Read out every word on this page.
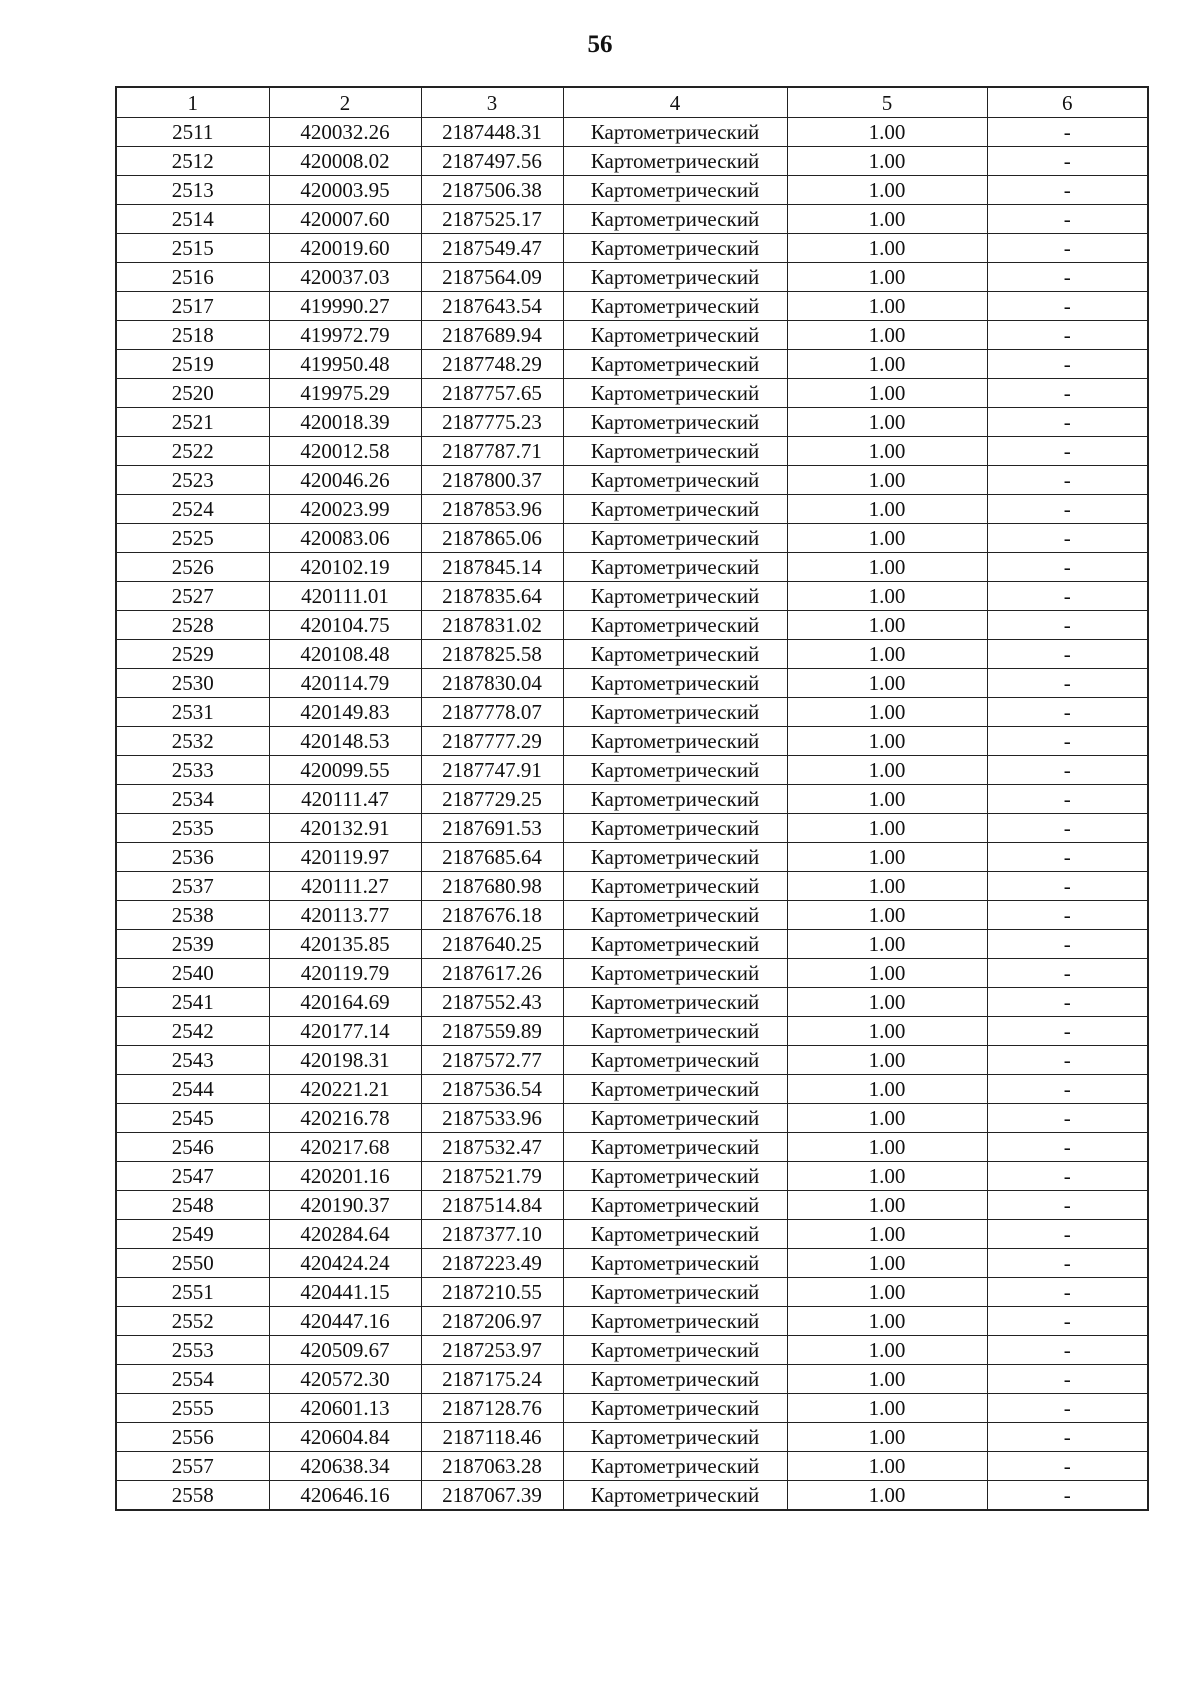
56
1	2	3	4	5	6
2511	420032.26	2187448.31	Картометрический	1.00	-
2512	420008.02	2187497.56	Картометрический	1.00	-
2513	420003.95	2187506.38	Картометрический	1.00	-
2514	420007.60	2187525.17	Картометрический	1.00	-
2515	420019.60	2187549.47	Картометрический	1.00	-
2516	420037.03	2187564.09	Картометрический	1.00	-
2517	419990.27	2187643.54	Картометрический	1.00	-
2518	419972.79	2187689.94	Картометрический	1.00	-
2519	419950.48	2187748.29	Картометрический	1.00	-
2520	419975.29	2187757.65	Картометрический	1.00	-
2521	420018.39	2187775.23	Картометрический	1.00	-
2522	420012.58	2187787.71	Картометрический	1.00	-
2523	420046.26	2187800.37	Картометрический	1.00	-
2524	420023.99	2187853.96	Картометрический	1.00	-
2525	420083.06	2187865.06	Картометрический	1.00	-
2526	420102.19	2187845.14	Картометрический	1.00	-
2527	420111.01	2187835.64	Картометрический	1.00	-
2528	420104.75	2187831.02	Картометрический	1.00	-
2529	420108.48	2187825.58	Картометрический	1.00	-
2530	420114.79	2187830.04	Картометрический	1.00	-
2531	420149.83	2187778.07	Картометрический	1.00	-
2532	420148.53	2187777.29	Картометрический	1.00	-
2533	420099.55	2187747.91	Картометрический	1.00	-
2534	420111.47	2187729.25	Картометрический	1.00	-
2535	420132.91	2187691.53	Картометрический	1.00	-
2536	420119.97	2187685.64	Картометрический	1.00	-
2537	420111.27	2187680.98	Картометрический	1.00	-
2538	420113.77	2187676.18	Картометрический	1.00	-
2539	420135.85	2187640.25	Картометрический	1.00	-
2540	420119.79	2187617.26	Картометрический	1.00	-
2541	420164.69	2187552.43	Картометрический	1.00	-
2542	420177.14	2187559.89	Картометрический	1.00	-
2543	420198.31	2187572.77	Картометрический	1.00	-
2544	420221.21	2187536.54	Картометрический	1.00	-
2545	420216.78	2187533.96	Картометрический	1.00	-
2546	420217.68	2187532.47	Картометрический	1.00	-
2547	420201.16	2187521.79	Картометрический	1.00	-
2548	420190.37	2187514.84	Картометрический	1.00	-
2549	420284.64	2187377.10	Картометрический	1.00	-
2550	420424.24	2187223.49	Картометрический	1.00	-
2551	420441.15	2187210.55	Картометрический	1.00	-
2552	420447.16	2187206.97	Картометрический	1.00	-
2553	420509.67	2187253.97	Картометрический	1.00	-
2554	420572.30	2187175.24	Картометрический	1.00	-
2555	420601.13	2187128.76	Картометрический	1.00	-
2556	420604.84	2187118.46	Картометрический	1.00	-
2557	420638.34	2187063.28	Картометрический	1.00	-
2558	420646.16	2187067.39	Картометрический	1.00	-
